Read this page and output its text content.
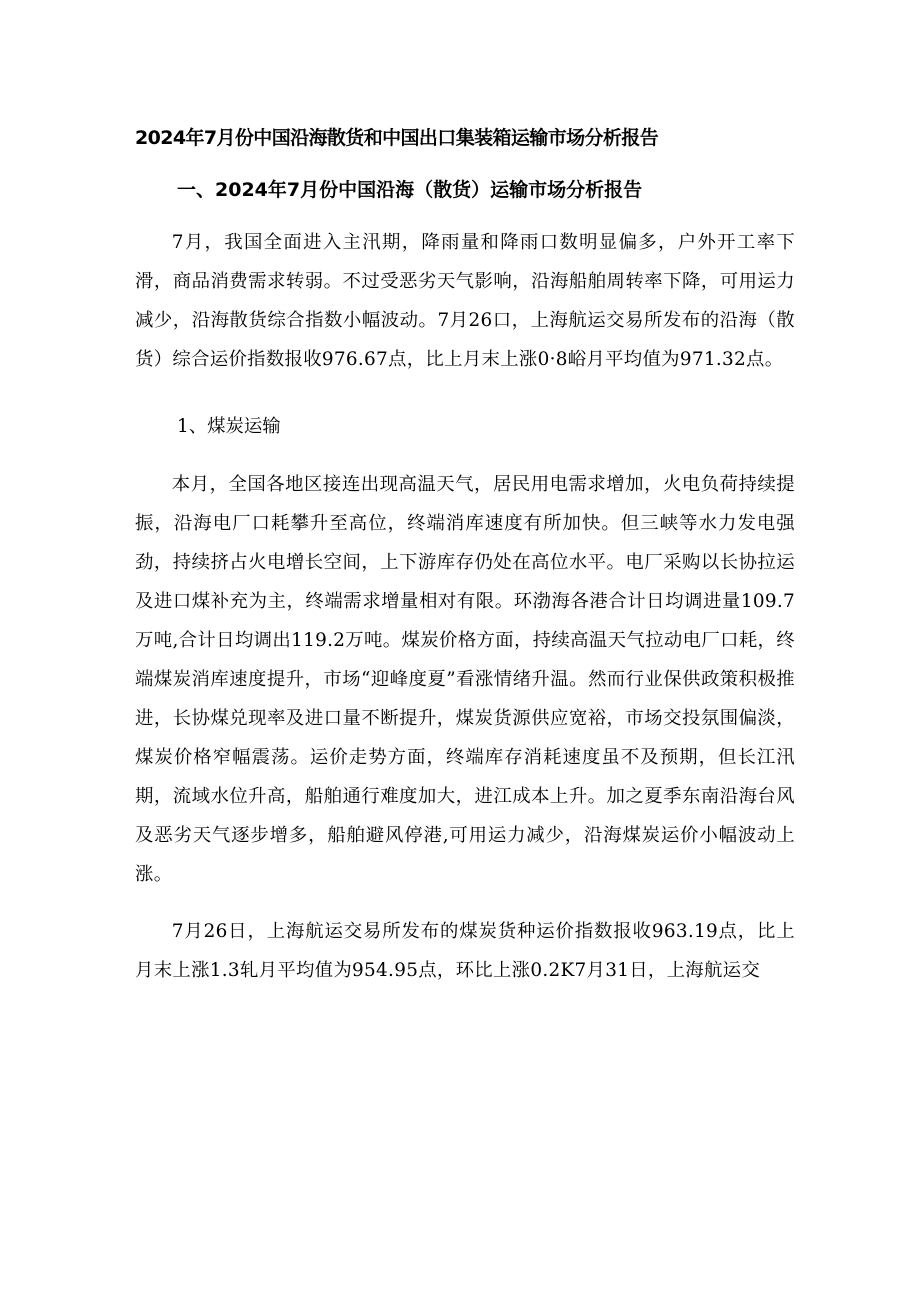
2024年7月份中国沿海散货和中国出口集装箱运输市场分析报告
一、2024年7月份中国沿海（散货）运输市场分析报告

7月，我国全面进入主汛期，降雨量和降雨口数明显偏多，户外开工率下滑，商品消费需求转弱。不过受恶劣天气影响，沿海船舶周转率下降，可用运力减少，沿海散货综合指数小幅波动。7月26口，上海航运交易所发布的沿海（散货）综合运价指数报收976.67点，比上月末上涨0·8峪月平均值为971.32点。

1、煤炭运输

本月，全国各地区接连出现高温天气，居民用电需求增加，火电负荷持续提振，沿海电厂口耗攀升至高位，终端消库速度有所加快。但三峡等水力发电强劲，持续挤占火电增长空间，上下游库存仍处在高位水平。电厂采购以长协拉运及进口煤补充为主，终端需求增量相对有限。环渤海各港合计日均调进量109.7万吨,合计日均调出119.2万吨。煤炭价格方面，持续高温天气拉动电厂口耗，终端煤炭消库速度提升，市场“迎峰度夏”看涨情绪升温。然而行业保供政策积极推进，长协煤兑现率及进口量不断提升，煤炭货源供应宽裕，市场交投氛围偏淡，煤炭价格窄幅震荡。运价走势方面，终端库存消耗速度虽不及预期，但长江汛期，流域水位升高，船舶通行难度加大，进江成本上升。加之夏季东南沿海台风及恶劣天气逐步增多，船舶避风停港,可用运力减少，沿海煤炭运价小幅波动上涨。

7月26日，上海航运交易所发布的煤炭货种运价指数报收963.19点，比上月末上涨1.3轧月平均值为954.95点，环比上涨0.2K7月31日，上海航运交
